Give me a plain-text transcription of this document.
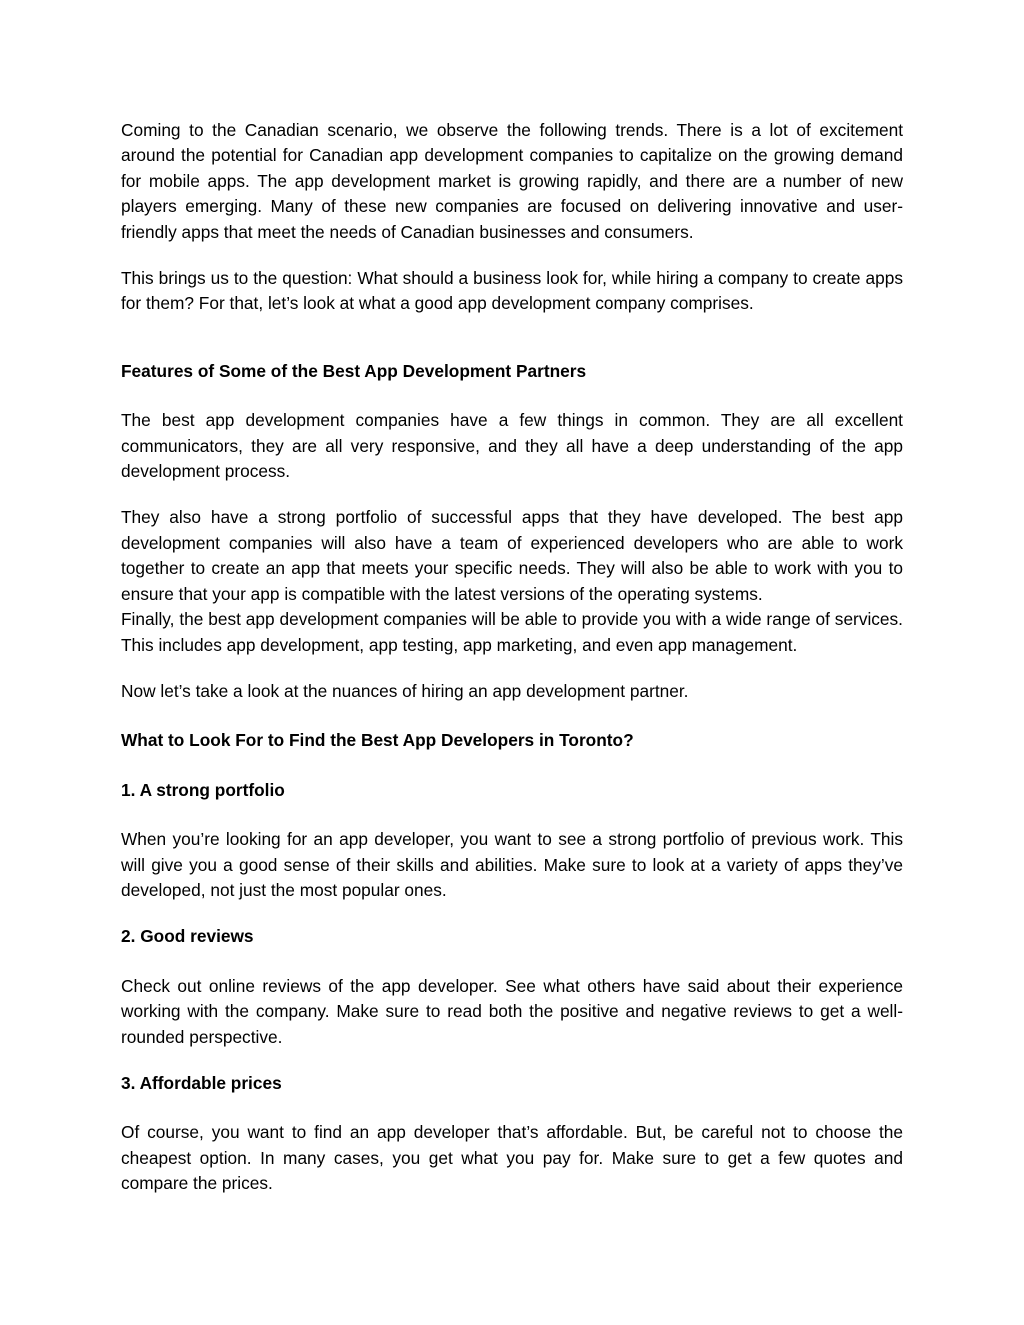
Coming to the Canadian scenario, we observe the following trends. There is a lot of excitement around the potential for Canadian app development companies to capitalize on the growing demand for mobile apps. The app development market is growing rapidly, and there are a number of new players emerging. Many of these new companies are focused on delivering innovative and user-friendly apps that meet the needs of Canadian businesses and consumers.

This brings us to the question: What should a business look for, while hiring a company to create apps for them? For that, let’s look at what a good app development company comprises.

Features of Some of the Best App Development Partners

The best app development companies have a few things in common. They are all excellent communicators, they are all very responsive, and they all have a deep understanding of the app development process.

They also have a strong portfolio of successful apps that they have developed. The best app development companies will also have a team of experienced developers who are able to work together to create an app that meets your specific needs. They will also be able to work with you to ensure that your app is compatible with the latest versions of the operating systems.

Finally, the best app development companies will be able to provide you with a wide range of services. This includes app development, app testing, app marketing, and even app management.

Now let’s take a look at the nuances of hiring an app development partner.

What to Look For to Find the Best App Developers in Toronto?

1. A strong portfolio

When you’re looking for an app developer, you want to see a strong portfolio of previous work. This will give you a good sense of their skills and abilities. Make sure to look at a variety of apps they’ve developed, not just the most popular ones.

2. Good reviews

Check out online reviews of the app developer. See what others have said about their experience working with the company. Make sure to read both the positive and negative reviews to get a well-rounded perspective.

3. Affordable prices

Of course, you want to find an app developer that’s affordable. But, be careful not to choose the cheapest option. In many cases, you get what you pay for. Make sure to get a few quotes and compare the prices.
